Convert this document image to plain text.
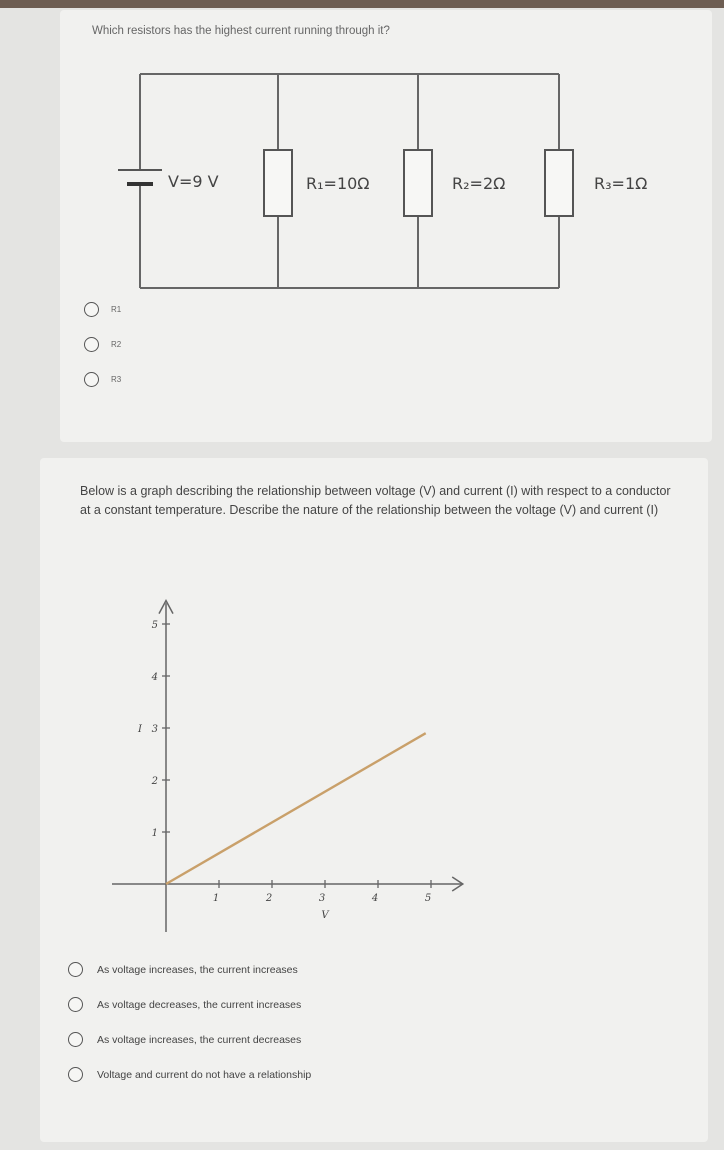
Which resistors has the highest current running through it?

V=9 V	R₁=10Ω	R₂=2Ω	R₃=1Ω
R1
R2
R3

Below is a graph describing the relationship between voltage (V) and current (I) with respect to a conductor at a constant temperature. Describe the nature of the relationship between the voltage (V) and current (I)

1	2	3	4	5
1
2
3
4
5
V
I
As voltage increases, the current increases
As voltage decreases, the current increases
As voltage increases, the current decreases
Voltage and current do not have a relationship
